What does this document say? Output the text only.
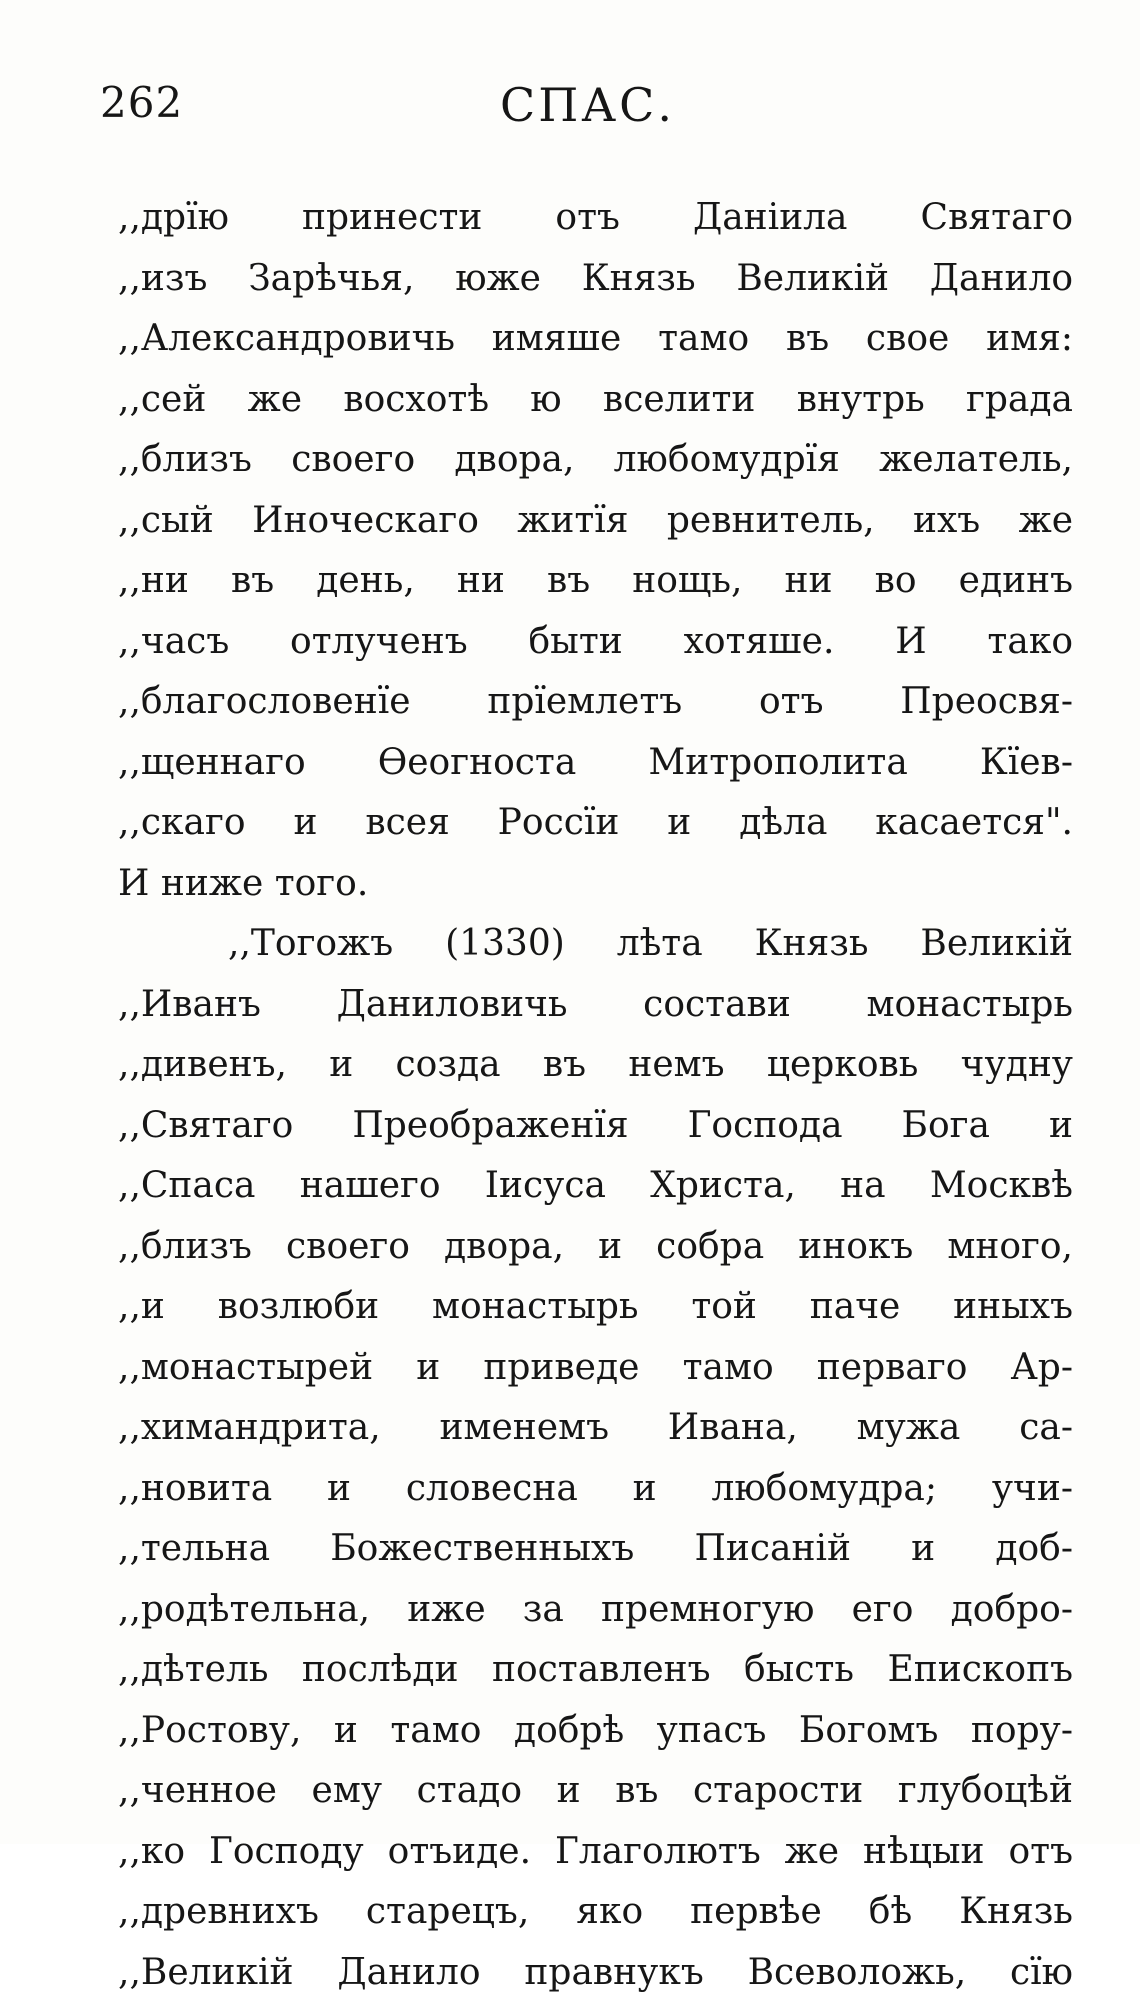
262	СПАС.
,,дрїю принести отъ Даніила Святаго
,,изъ Зарѣчья, юже Князь Великій Данило
,,Александровичь имяше тамо въ свое имя:
,,сей же восхотѣ ю вселити внутрь града
,,близъ своего двора, любомудрїя желатель,
,,сый Иноческаго житїя ревнитель, ихъ же
,,ни въ день, ни въ нощь, ни во единъ
,,часъ отлученъ быти хотяше. И тако
,,благословенїе прїемлетъ отъ Преосвя-
,,щеннаго Ѳеогноста Митрополита Кїев-
,,скаго и всея Россїи и дѣла касается".
И ниже того.
,,Тогожъ (1330) лѣта Князь Великій
,,Иванъ Даниловичь состави монастырь
,,дивенъ, и созда въ немъ церковь чудну
,,Святаго Преображенїя Господа Бога и
,,Спаса нашего Іисуса Христа, на Москвѣ
,,близъ своего двора, и собра инокъ много,
,,и возлюби монастырь той паче иныхъ
,,монастырей и приведе тамо перваго Ар-
,,химандрита, именемъ Ивана, мужа са-
,,новита и словесна и любомудра; учи-
,,тельна Божественныхъ Писаній и доб-
,,родѣтельна, иже за премногую его добро-
,,дѣтель послѣди поставленъ бысть Епископъ
,,Ростову, и тамо добрѣ упасъ Богомъ пору-
,,ченное ему стадо и въ старости глубоцѣй
,,ко Господу отъиде. Глаголютъ же нѣцыи отъ
,,древнихъ старецъ, яко первѣе бѣ Князь
,,Великій Данило правнукъ Всеволожь, сїю
